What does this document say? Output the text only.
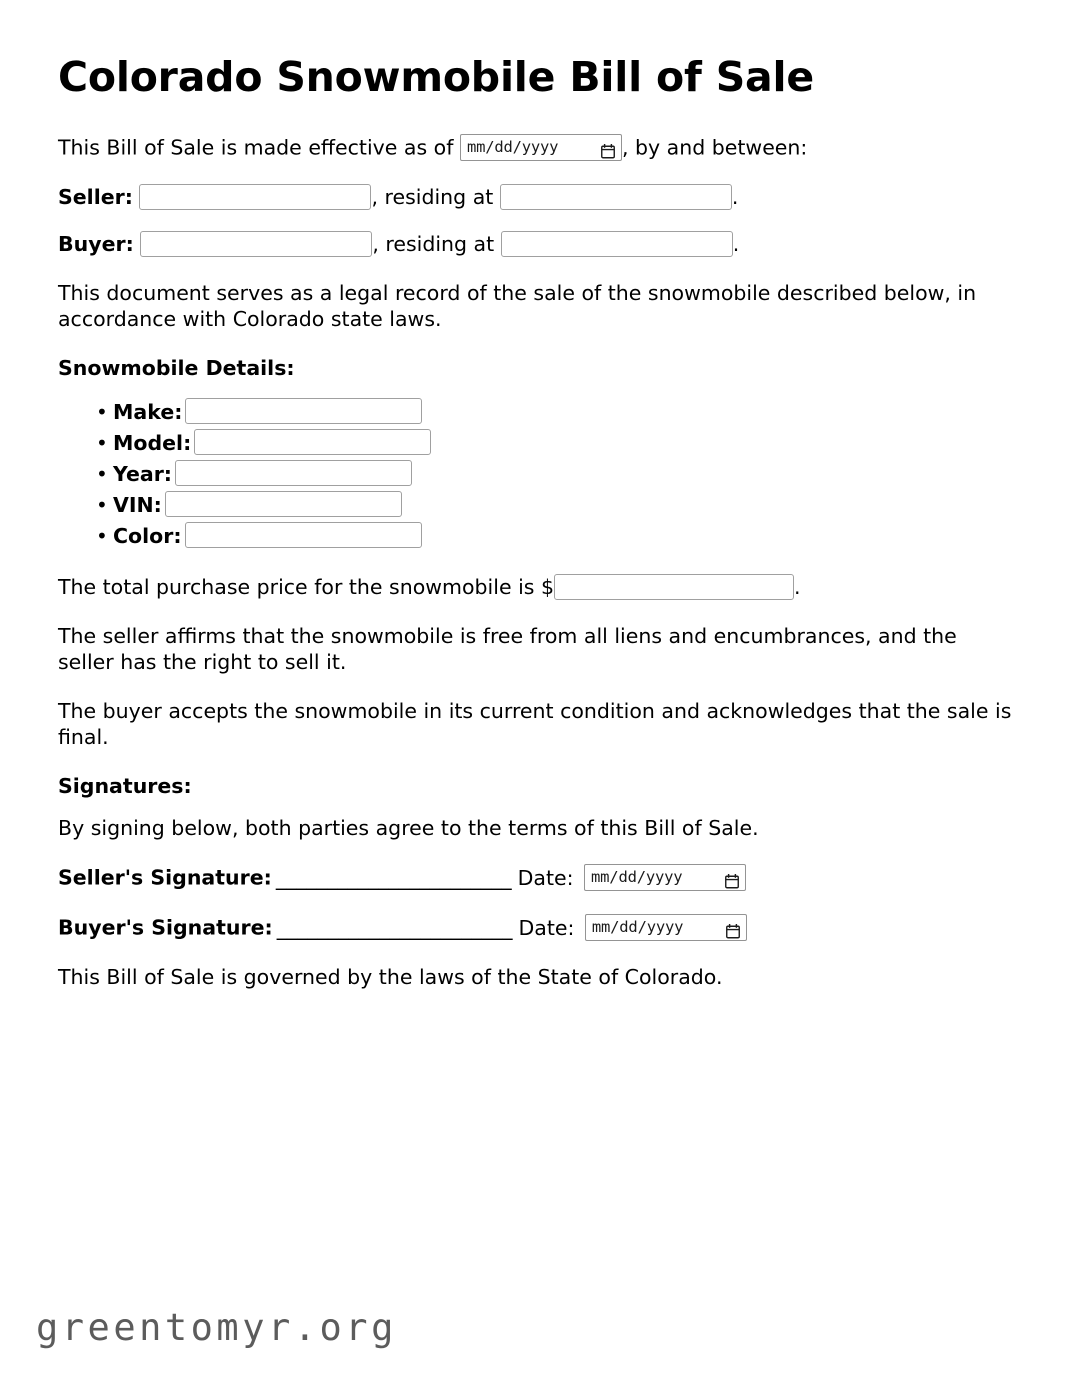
Colorado Snowmobile Bill of Sale

This Bill of Sale is made effective as of mm/dd/yyyy	, by and between:

Seller:	, residing at	.

Buyer:	, residing at	.

This document serves as a legal record of the sale of the snowmobile described below, in accordance with Colorado state laws.

Snowmobile Details:
• Make:
• Model:
• Year:
• VIN:
• Color:

The total purchase price for the snowmobile is $	.

The seller affirms that the snowmobile is free from all liens and encumbrances, and the seller has the right to sell it.

The buyer accepts the snowmobile in its current condition and acknowledges that the sale is final.

Signatures:

By signing below, both parties agree to the terms of this Bill of Sale.

Seller's Signature: _______________________ Date: mm/dd/yyyy
Buyer's Signature: _______________________ Date: mm/dd/yyyy

This Bill of Sale is governed by the laws of the State of Colorado.

greentomyr.org
